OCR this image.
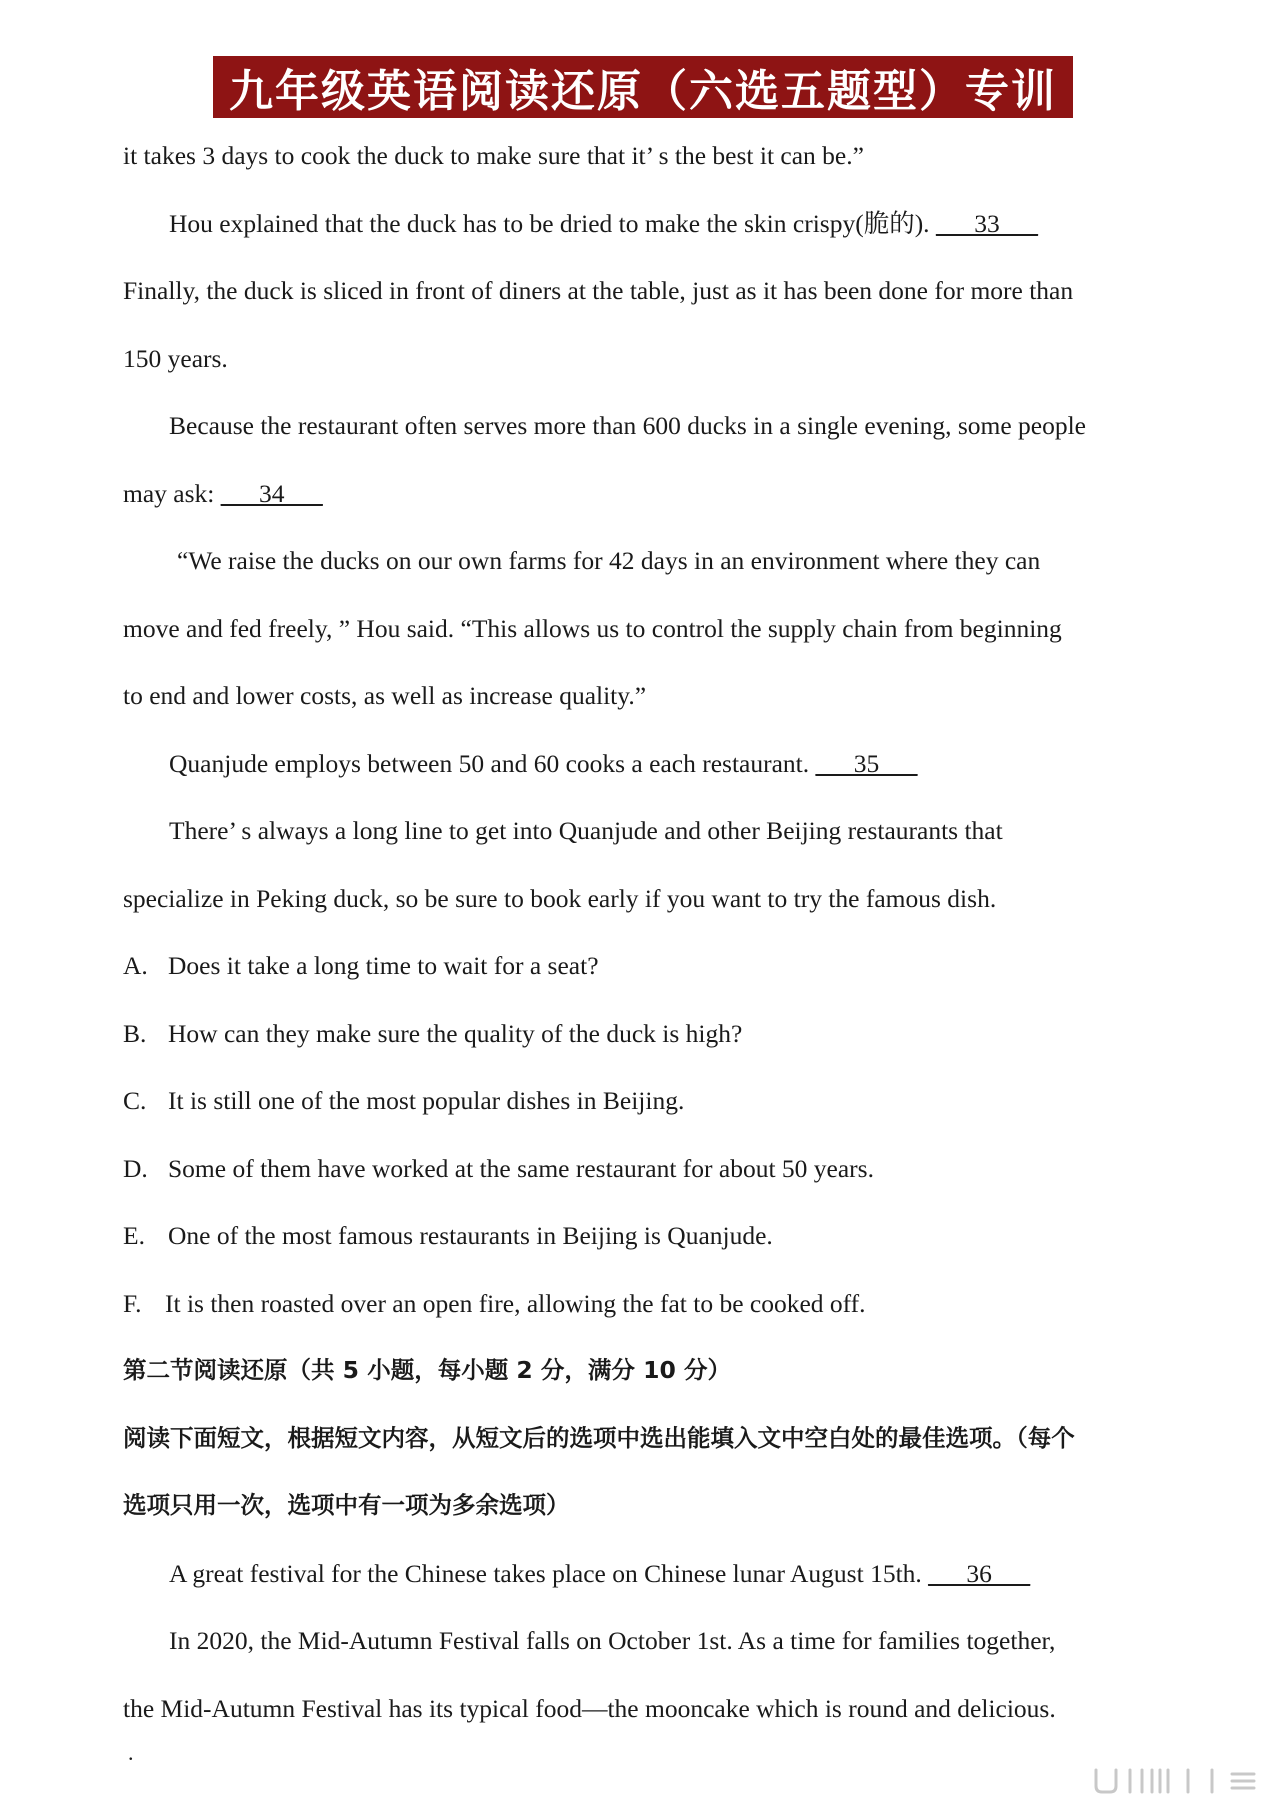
九年级英语阅读还原（六选五题型）专训

it takes 3 days to cook the duck to make sure that it’ s the best it can be.”

Hou explained that the duck has to be dried to make the skin crispy(脆的). ___33___

Finally, the duck is sliced in front of diners at the table, just as it has been done for more than

150 years.

Because the restaurant often serves more than 600 ducks in a single evening, some people

may ask: ___34___

“We raise the ducks on our own farms for 42 days in an environment where they can

move and fed freely, ” Hou said. “This allows us to control the supply chain from beginning

to end and lower costs, as well as increase quality.”

Quanjude employs between 50 and 60 cooks a each restaurant. ___35___

There’ s always a long line to get into Quanjude and other Beijing restaurants that

specialize in Peking duck, so be sure to book early if you want to try the famous dish.

A. Does it take a long time to wait for a seat?

B. How can they make sure the quality of the duck is high?

C. It is still one of the most popular dishes in Beijing.

D. Some of them have worked at the same restaurant for about 50 years.

E. One of the most famous restaurants in Beijing is Quanjude.

F. It is then roasted over an open fire, allowing the fat to be cooked off.

第二节阅读还原（共 5 小题，每小题 2 分，满分 10 分）

阅读下面短文，根据短文内容，从短文后的选项中选出能填入文中空白处的最佳选项。（每个

选项只用一次，选项中有一项为多余选项）

A great festival for the Chinese takes place on Chinese lunar August 15th. ___36___

In 2020, the Mid-Autumn Festival falls on October 1st. As a time for families together,

the Mid-Autumn Festival has its typical food—the mooncake which is round and delicious.

.
